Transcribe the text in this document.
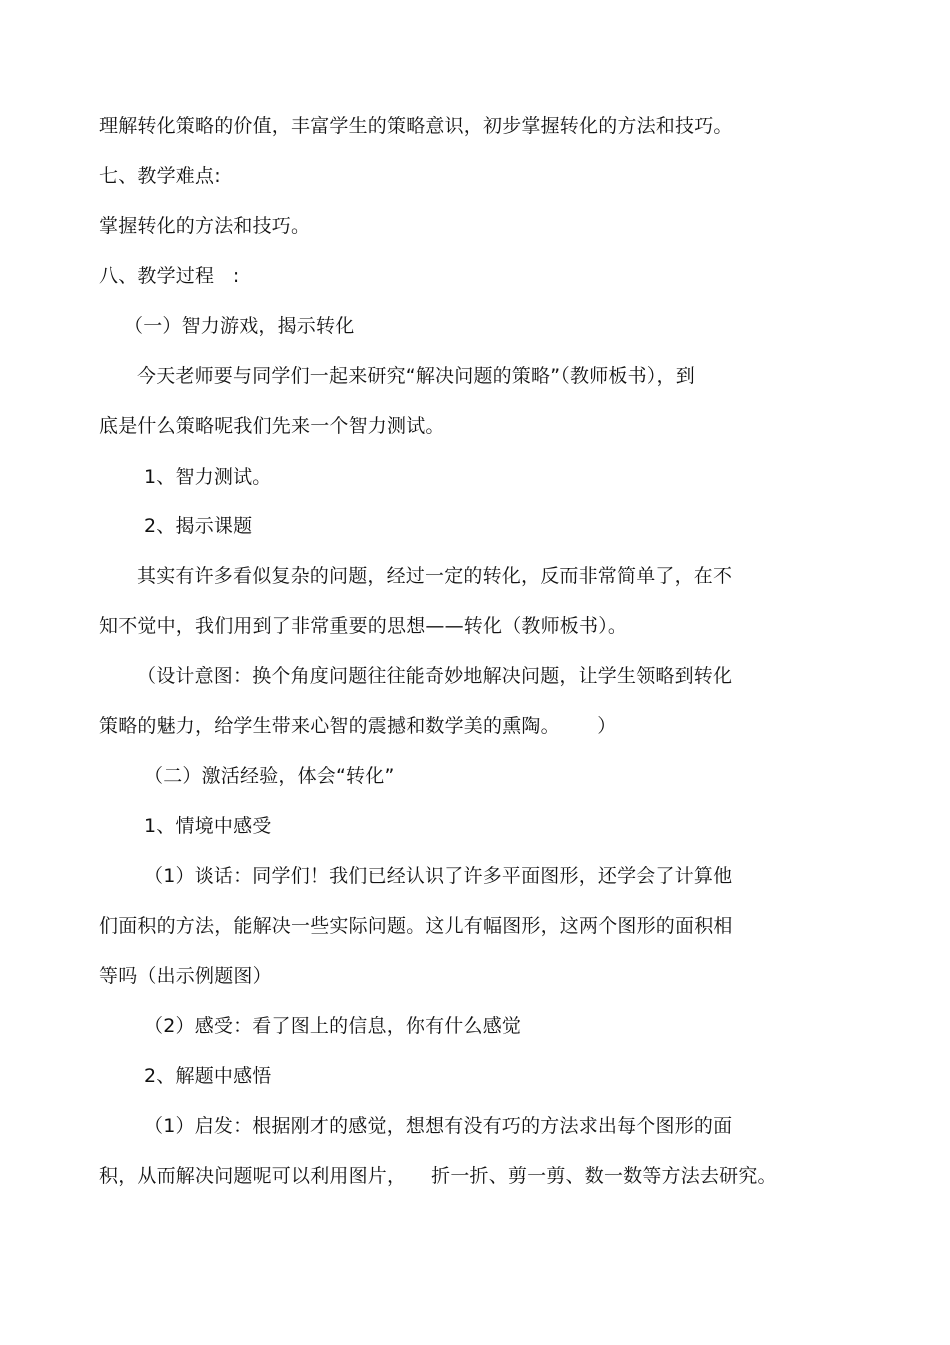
理解转化策略的价值，丰富学生的策略意识，初步掌握转化的方法和技巧。
七、教学难点:
掌握转化的方法和技巧。
八、教学过程   :
（一）智力游戏，揭示转化
今天老师要与同学们一起来研究“解决问题的策略”（教师板书），到
底是什么策略呢我们先来一个智力测试。
1、智力测试。
2、揭示课题
其实有许多看似复杂的问题，经过一定的转化，反而非常简单了，在不
知不觉中，我们用到了非常重要的思想——转化（教师板书）。
（设计意图：换个角度问题往往能奇妙地解决问题，让学生领略到转化
策略的魅力，给学生带来心智的震撼和数学美的熏陶。      ）
（二）激活经验，体会“转化”
1、情境中感受
（1）谈话：同学们！我们已经认识了许多平面图形，还学会了计算他
们面积的方法，能解决一些实际问题。这儿有幅图形，这两个图形的面积相
等吗（出示例题图）
（2）感受：看了图上的信息，你有什么感觉
2、解题中感悟
（1）启发：根据刚才的感觉，想想有没有巧的方法求出每个图形的面
积，从而解决问题呢可以利用图片，    折一折、剪一剪、数一数等方法去研究。
